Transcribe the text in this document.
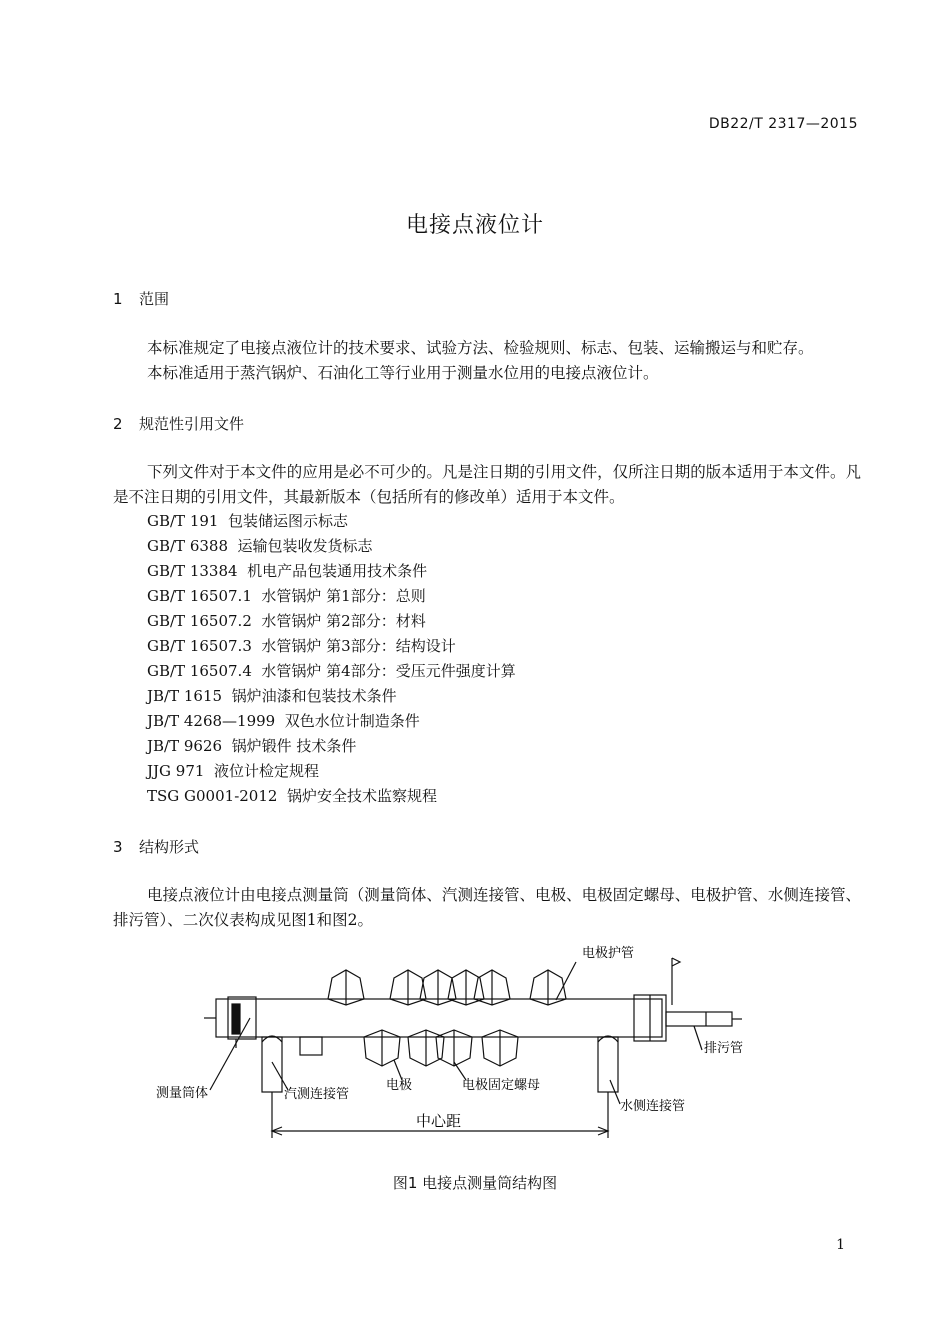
DB22/T 2317—2015
电接点液位计
1 范围
本标准规定了电接点液位计的技术要求、试验方法、检验规则、标志、包装、运输搬运与和贮存。
本标准适用于蒸汽锅炉、石油化工等行业用于测量水位用的电接点液位计。
2 规范性引用文件
下列文件对于本文件的应用是必不可少的。凡是注日期的引用文件，仅所注日期的版本适用于本文件。凡是不注日期的引用文件，其最新版本（包括所有的修改单）适用于本文件。
GB/T 191  包装储运图示标志
GB/T 6388  运输包装收发货标志
GB/T 13384  机电产品包装通用技术条件
GB/T 16507.1  水管锅炉 第1部分：总则
GB/T 16507.2  水管锅炉 第2部分：材料
GB/T 16507.3  水管锅炉 第3部分：结构设计
GB/T 16507.4  水管锅炉 第4部分：受压元件强度计算
JB/T 1615  锅炉油漆和包装技术条件
JB/T 4268—1999  双色水位计制造条件
JB/T 9626  锅炉锻件 技术条件
JJG 971  液位计检定规程
TSG G0001-2012  锅炉安全技术监察规程
3 结构形式
电接点液位计由电接点测量筒（测量筒体、汽测连接管、电极、电极固定螺母、电极护管、水侧连接管、排污管）、二次仪表构成见图1和图2。
电极护管
排污管
测量筒体	汽测连接管
电极	电极固定螺母
水侧连接管
中心距
图1 电接点测量筒结构图
1
